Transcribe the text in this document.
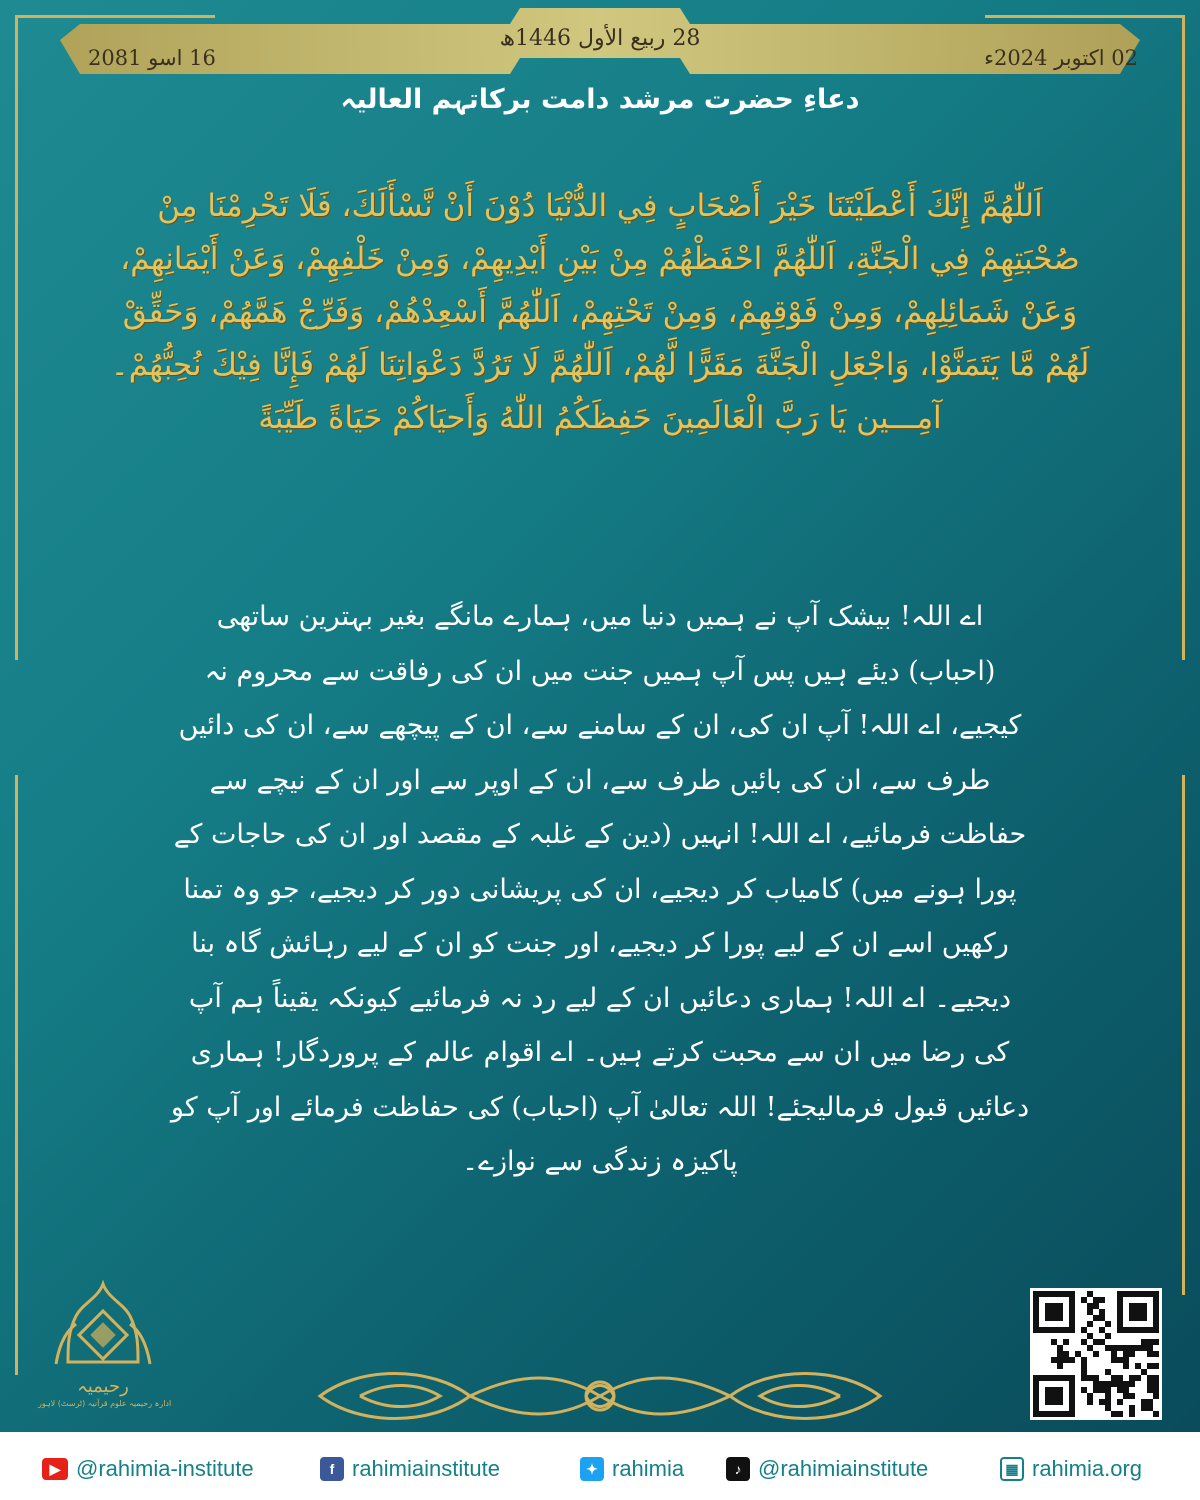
28 ربیع الأول 1446ھ
02 اکتوبر 2024ء
16 اسو 2081
دعاءِ حضرت مرشد دامت برکاتہم العالیہ
اَللّٰهُمَّ إِنَّكَ أَعْطَيْتَنَا خَيْرَ أَصْحَابٍ فِي الدُّنْيَا دُوْنَ أَنْ نَّسْأَلَكَ، فَلَا تَحْرِمْنَا مِنْ صُحْبَتِهِمْ فِي الْجَنَّةِ، اَللّٰهُمَّ احْفَظْهُمْ مِنْ بَيْنِ أَيْدِيهِمْ، وَمِنْ خَلْفِهِمْ، وَعَنْ أَيْمَانِهِمْ، وَعَنْ شَمَائِلِهِمْ، وَمِنْ فَوْقِهِمْ، وَمِنْ تَحْتِهِمْ، اَللّٰهُمَّ أَسْعِدْهُمْ، وَفَرِّجْ هَمَّهُمْ، وَحَقِّقْ لَهُمْ مَّا يَتَمَنَّوْا، وَاجْعَلِ الْجَنَّةَ مَقَرًّا لَّهُمْ، اَللّٰهُمَّ لَا تَرُدَّ دَعْوَاتِنَا لَهُمْ فَإِنَّا فِيْكَ نُحِبُّهُمْ۔ آمِـــين يَا رَبَّ الْعَالَمِينَ حَفِظَكُمُ اللّٰهُ وَأَحيَاكُمْ حَيَاةً طَيِّبَةً
اے اللہ! بیشک آپ نے ہمیں دنیا میں، ہمارے مانگے بغیر بہترین ساتھی (احباب) دیئے ہیں پس آپ ہمیں جنت میں ان کی رفاقت سے محروم نہ کیجیے، اے اللہ! آپ ان کی، ان کے سامنے سے، ان کے پیچھے سے، ان کی دائیں طرف سے، ان کی بائیں طرف سے، ان کے اوپر سے اور ان کے نیچے سے حفاظت فرمائیے، اے اللہ! انہیں (دین کے غلبہ کے مقصد اور ان کی حاجات کے پورا ہونے میں) کامیاب کر دیجیے، ان کی پریشانی دور کر دیجیے، جو وہ تمنا رکھیں اسے ان کے لیے پورا کر دیجیے، اور جنت کو ان کے لیے رہائش گاہ بنا دیجیے۔ اے اللہ! ہماری دعائیں ان کے لیے رد نہ فرمائیے کیونکہ یقیناً ہم آپ کی رضا میں ان سے محبت کرتے ہیں۔ اے اقوام عالم کے پروردگار! ہماری دعائیں قبول فرمالیجئے! اللہ تعالیٰ آپ (احباب) کی حفاظت فرمائے اور آپ کو پاکیزہ زندگی سے نوازے۔
رحیمیہ
ادارہ رحیمیہ علوم قرآنیہ (ٹرسٹ) لاہور
▶ @rahimia-institute	f rahimiainstitute	✦ rahimia	♪ @rahimiainstitute	▦ rahimia.org
